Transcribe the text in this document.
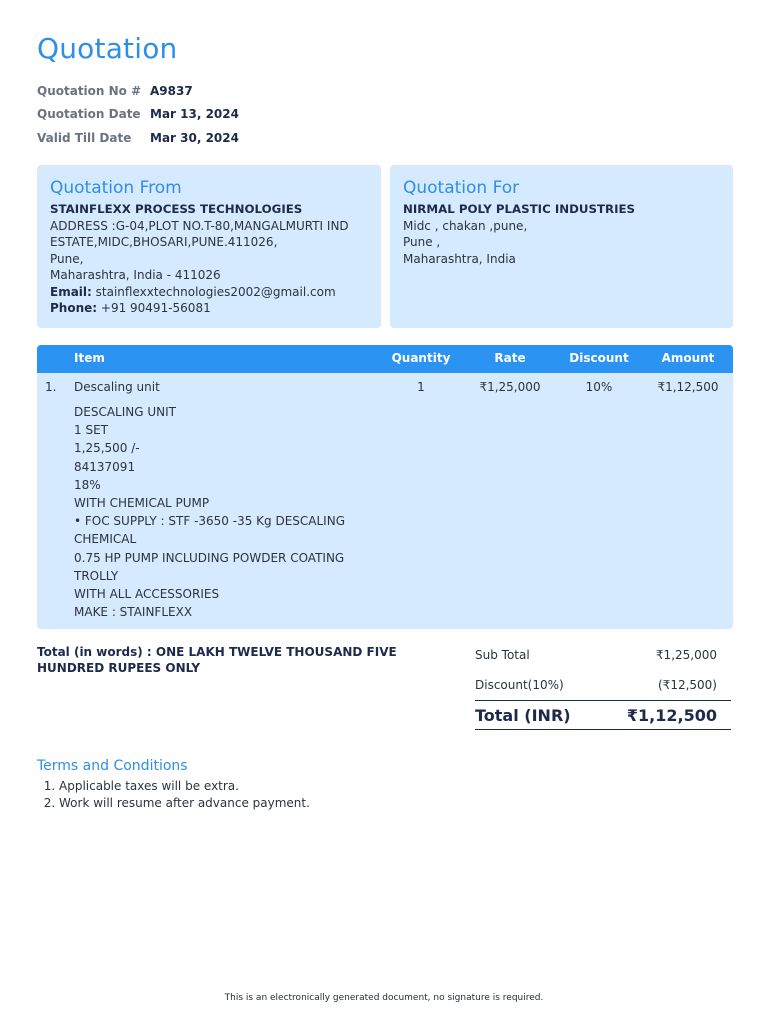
Quotation
Quotation No # A9837
Quotation Date Mar 13, 2024
Valid Till Date	Mar 30, 2024
Quotation From
STAINFLEXX PROCESS TECHNOLOGIES
ADDRESS :G-04,PLOT NO.T-80,MANGALMURTI IND
ESTATE,MIDC,BHOSARI,PUNE.411026,
Pune,
Maharashtra, India - 411026
Email: stainflexxtechnologies2002@gmail.com
Phone: +91 90491-56081
Quotation For
NIRMAL POLY PLASTIC INDUSTRIES
Midc , chakan ,pune,
Pune ,
Maharashtra, India
Item	Quantity	Rate	Discount	Amount
1. Descaling unit	1	₹1,25,000	10%	₹1,12,500
DESCALING UNIT
1 SET
1,25,500 /-
84137091
18%
WITH CHEMICAL PUMP
• FOC SUPPLY : STF -3650 -35 Kg DESCALING
CHEMICAL
0.75 HP PUMP INCLUDING POWDER COATING
TROLLY
WITH ALL ACCESSORIES
MAKE : STAINFLEXX
Total (in words) : ONE LAKH TWELVE THOUSAND FIVE HUNDRED RUPEES ONLY
Sub Total	₹1,25,000
Discount(10%)	(₹12,500)
Total (INR)	₹1,12,500
Terms and Conditions
1. Applicable taxes will be extra.
2. Work will resume after advance payment.
This is an electronically generated document, no signature is required.
